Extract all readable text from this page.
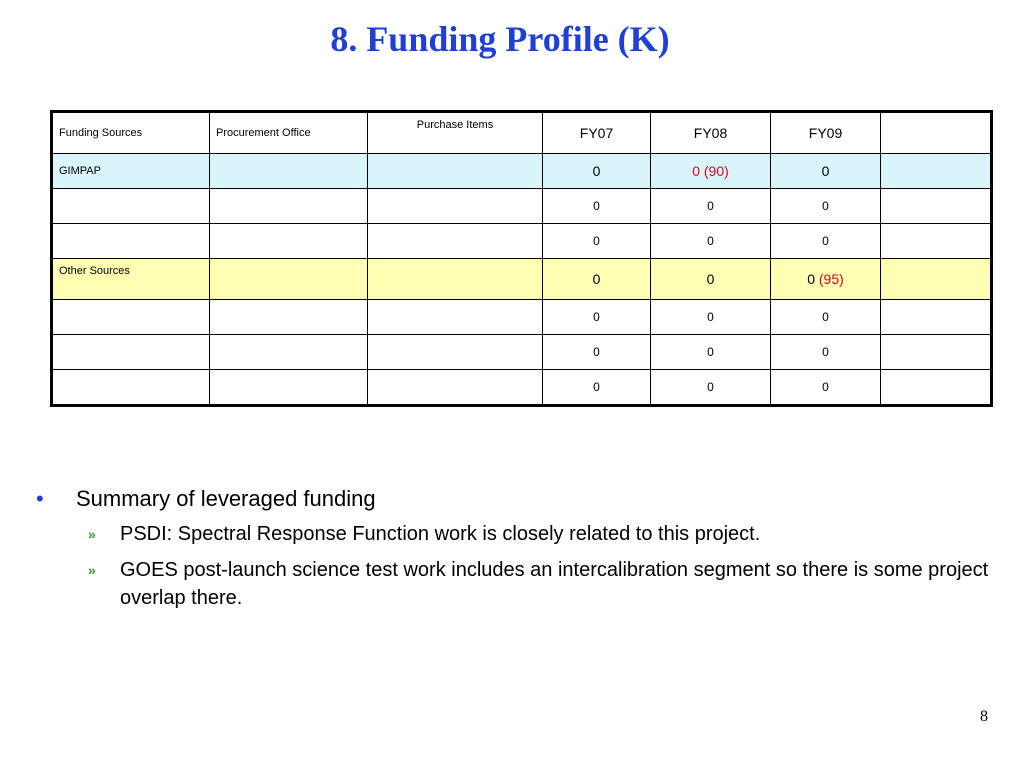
8. Funding Profile (K)
Funding Sources	Procurement Office	Purchase Items	FY07	FY08	FY09	
GIMPAP			0	0 (90)	0	
			0	0	0	
			0	0	0	
Other Sources			0	0	0 (95)	
			0	0	0	
			0	0	0	
			0	0	0	
• Summary of leveraged funding
» PSDI: Spectral Response Function work is closely related to this project.
» GOES post-launch science test work includes an intercalibration segment so there is some project overlap there.
8
